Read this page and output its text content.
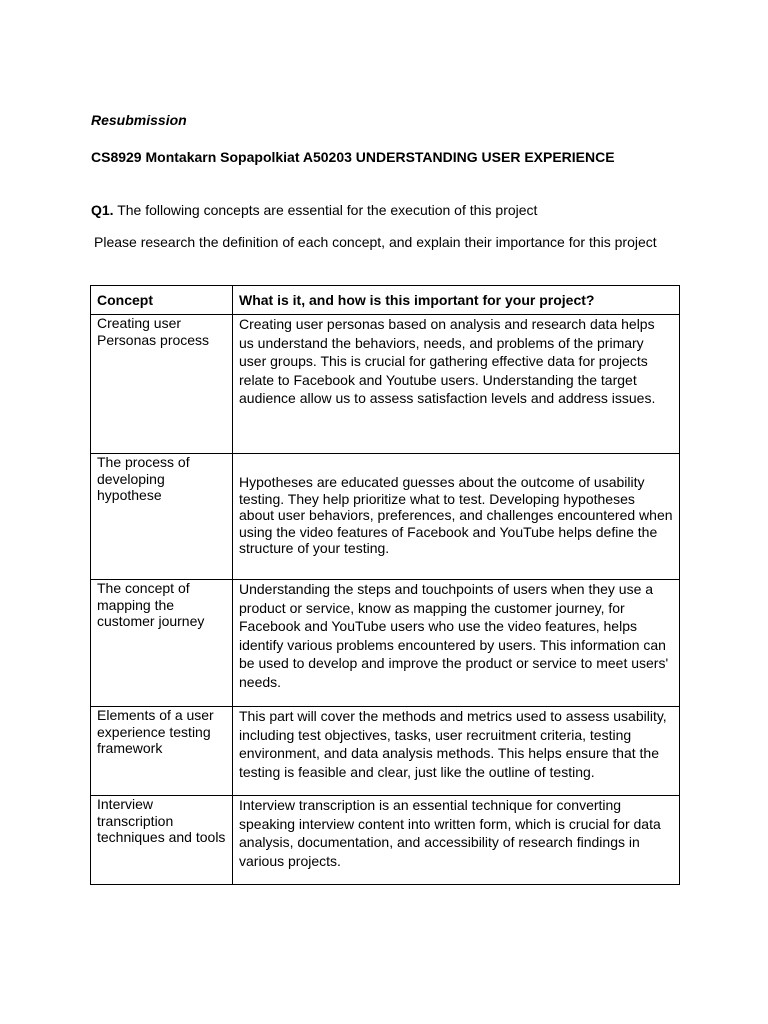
Resubmission
CS8929 Montakarn Sopapolkiat A50203 UNDERSTANDING USER EXPERIENCE
Q1. The following concepts are essential for the execution of this project
Please research the definition of each concept, and explain their importance for this project
Concept	What is it, and how is this important for your project?
Creating user Personas process	Creating user personas based on analysis and research data helps us understand the behaviors, needs, and problems of the primary user groups. This is crucial for gathering effective data for projects relate to Facebook and Youtube users. Understanding the target audience allow us to assess satisfaction levels and address issues.
The process of developing hypothese	Hypotheses are educated guesses about the outcome of usability testing. They help prioritize what to test. Developing hypotheses about user behaviors, preferences, and challenges encountered when using the video features of Facebook and YouTube helps define the structure of your testing.
The concept of mapping the customer journey	Understanding the steps and touchpoints of users when they use a product or service, know as mapping the customer journey, for Facebook and YouTube users who use the video features, helps identify various problems encountered by users. This information can be used to develop and improve the product or service to meet users' needs.
Elements of a user experience testing framework	This part will cover the methods and metrics used to assess usability, including test objectives, tasks, user recruitment criteria, testing environment, and data analysis methods. This helps ensure that the testing is feasible and clear, just like the outline of testing.
Interview transcription techniques and tools	Interview transcription is an essential technique for converting speaking interview content into written form, which is crucial for data analysis, documentation, and accessibility of research findings in various projects.
